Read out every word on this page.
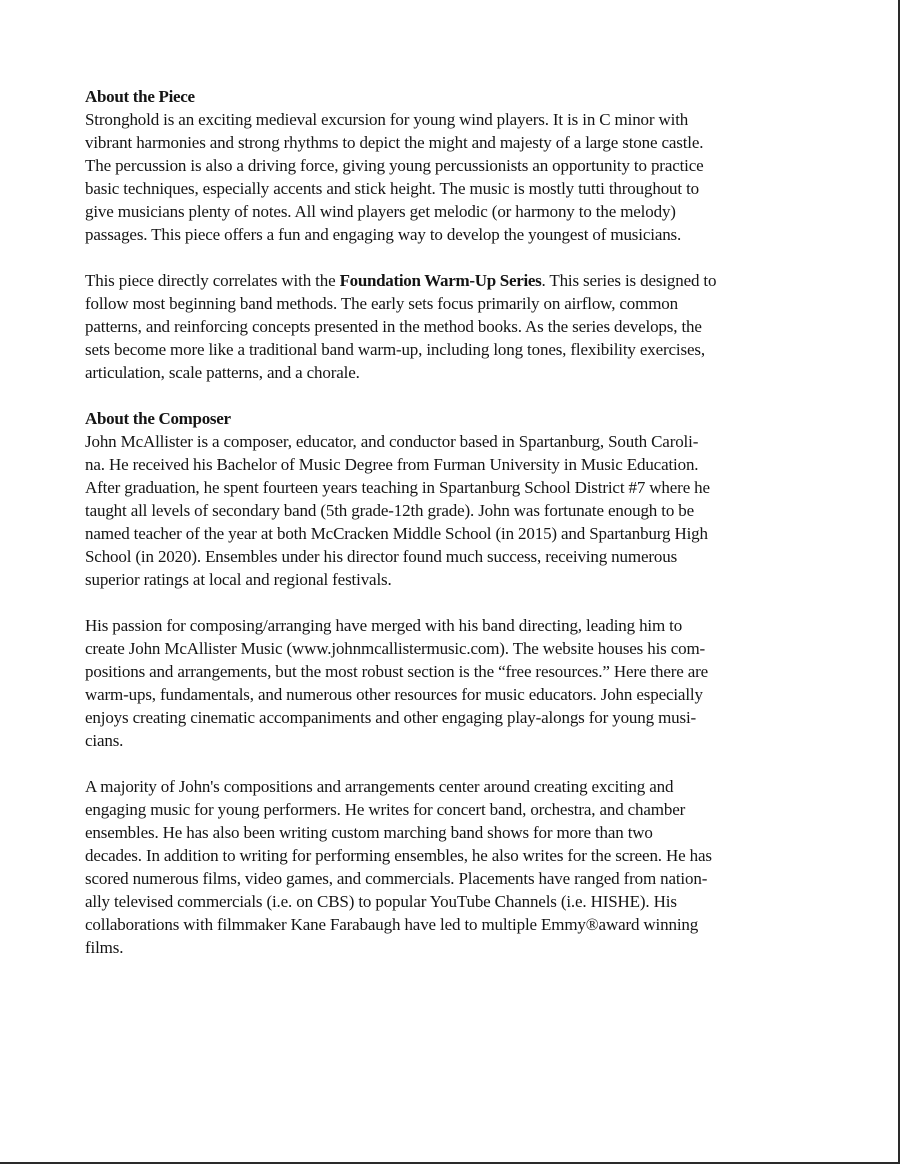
About the Piece
Stronghold is an exciting medieval excursion for young wind players. It is in C minor with
vibrant harmonies and strong rhythms to depict the might and majesty of a large stone castle.
The percussion is also a driving force, giving young percussionists an opportunity to practice
basic techniques, especially accents and stick height. The music is mostly tutti throughout to
give musicians plenty of notes. All wind players get melodic (or harmony to the melody)
passages. This piece offers a fun and engaging way to develop the youngest of musicians.
This piece directly correlates with the Foundation Warm-Up Series. This series is designed to
follow most beginning band methods. The early sets focus primarily on airflow, common
patterns, and reinforcing concepts presented in the method books. As the series develops, the
sets become more like a traditional band warm-up, including long tones, flexibility exercises,
articulation, scale patterns, and a chorale.
About the Composer
John McAllister is a composer, educator, and conductor based in Spartanburg, South Caroli-
na. He received his Bachelor of Music Degree from Furman University in Music Education.
After graduation, he spent fourteen years teaching in Spartanburg School District #7 where he
taught all levels of secondary band (5th grade-12th grade). John was fortunate enough to be
named teacher of the year at both McCracken Middle School (in 2015) and Spartanburg High
School (in 2020). Ensembles under his director found much success, receiving numerous
superior ratings at local and regional festivals.
His passion for composing/arranging have merged with his band directing, leading him to
create John McAllister Music (www.johnmcallistermusic.com). The website houses his com-
positions and arrangements, but the most robust section is the “free resources.” Here there are
warm-ups, fundamentals, and numerous other resources for music educators. John especially
enjoys creating cinematic accompaniments and other engaging play-alongs for young musi-
cians.
A majority of John's compositions and arrangements center around creating exciting and
engaging music for young performers. He writes for concert band, orchestra, and chamber
ensembles. He has also been writing custom marching band shows for more than two
decades. In addition to writing for performing ensembles, he also writes for the screen. He has
scored numerous films, video games, and commercials. Placements have ranged from nation-
ally televised commercials (i.e. on CBS) to popular YouTube Channels (i.e. HISHE). His
collaborations with filmmaker Kane Farabaugh have led to multiple Emmy®award winning
films.
